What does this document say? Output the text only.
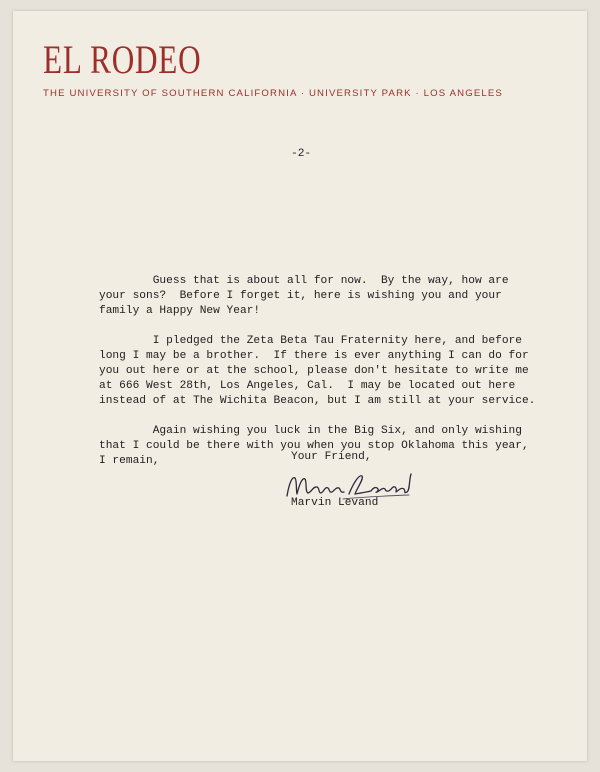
EL RODEO
THE UNIVERSITY OF SOUTHERN CALIFORNIA · UNIVERSITY PARK · LOS ANGELES
-2-
Guess that is about all for now.  By the way, how are
your sons?  Before I forget it, here is wishing you and your
family a Happy New Year!

I pledged the Zeta Beta Tau Fraternity here, and before
long I may be a brother.  If there is ever anything I can do for
you out here or at the school, please don't hesitate to write me
at 666 West 28th, Los Angeles, Cal.  I may be located out here
instead of at The Wichita Beacon, but I am still at your service.

Again wishing you luck in the Big Six, and only wishing
that I could be there with you when you stop Oklahoma this year,
I remain,	Your Friend,
Marvin Levand
